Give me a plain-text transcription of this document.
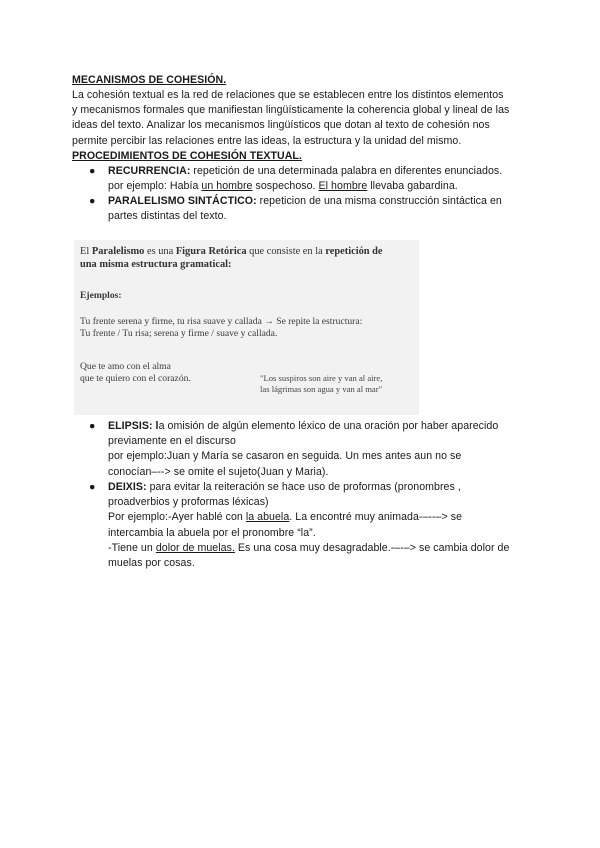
MECANISMOS DE COHESIÓN.
La cohesión textual es la red de relaciones que se establecen entre los distintos elementos
y mecanismos formales que manifiestan lingüísticamente la coherencia global y lineal de las
ideas del texto. Analizar los mecanismos lingüísticos que dotan al texto de cohesión nos
permite percibir las relaciones entre las ideas, la estructura y la unidad del mismo.
PROCEDIMIENTOS DE COHESIÓN TEXTUAL.
●	RECURRENCIA: repetición de una determinada palabra en diferentes enunciados.
por ejemplo: Había un hombre sospechoso. El hombre llevaba gabardina.
●	PARALELISMO SINTÁCTICO: repeticion de una misma construcción sintáctica en
partes distintas del texto.
El Paralelismo es una Figura Retórica que consiste en la repetición de
una misma estructura gramatical:
Ejemplos:
Tu frente serena y firme, tu risa suave y callada → Se repite la estructura:
Tu frente / Tu risa; serena y firme / suave y callada.
Que te amo con el alma
que te quiero con el corazón.	"Los suspiros son aire y van al aire,
las lágrimas son agua y van al mar"
●	ELIPSIS: la omisión de algún elemento léxico de una oración por haber aparecido
previamente en el discurso
por ejemplo:Juan y María se casaron en seguida. Un mes antes aun no se
conocían–--> se omite el sujeto(Juan y Maria).
●	DEIXIS: para evitar la reiteración se hace uso de proformas (pronombres ,
proadverbios y proformas léxicas)
Por ejemplo:-Ayer hablé con la abuela. La encontré muy animada-–--–> se
intercambia la abuela por el pronombre “la”.
-Tiene un dolor de muelas. Es una cosa muy desagradable.-–-–> se cambia dolor de
muelas por cosas.
